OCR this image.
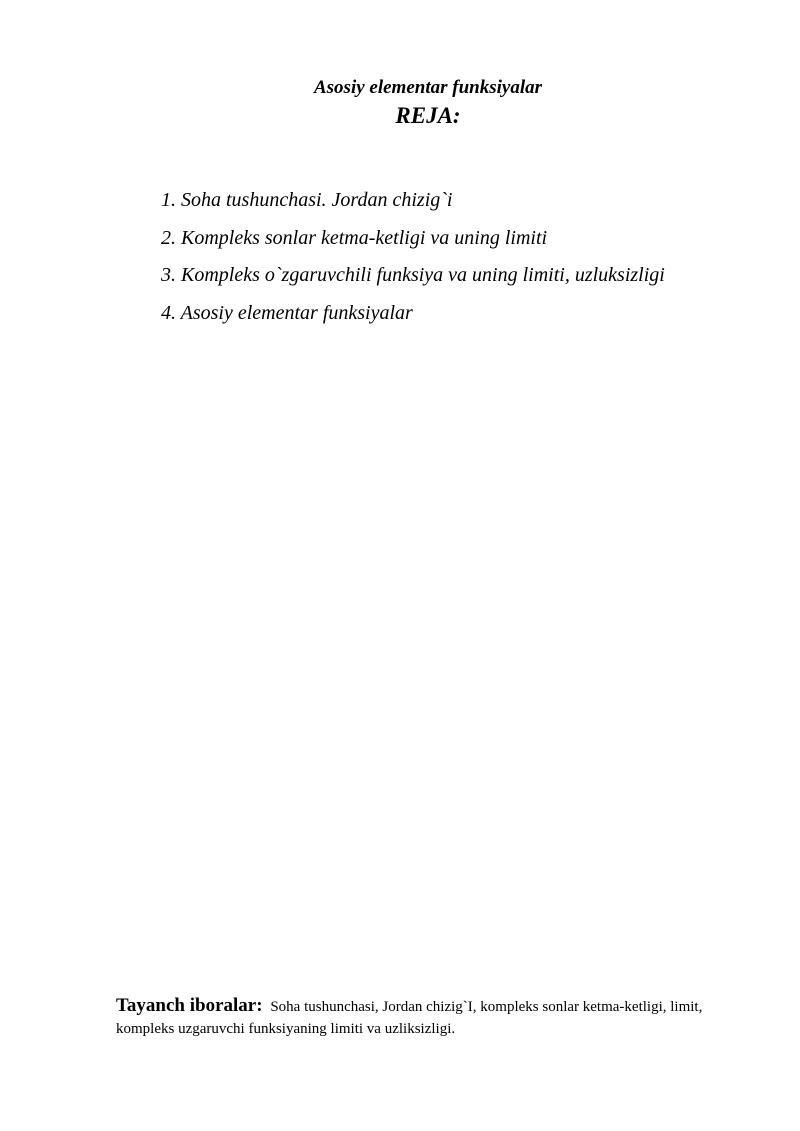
Asosiy elementar funksiyalar
REJA:
1. Soha tushunchasi. Jordan chizig`i
2. Kompleks sonlar ketma-ketligi va uning limiti
3. Kompleks o`zgaruvchili funksiya va uning limiti, uzluksizligi
4. Asosiy elementar funksiyalar
Tayanch iboralar: Soha tushunchasi, Jordan chizig`I, kompleks sonlar ketma-ketligi, limit, kompleks uzgaruvchi funksiyaning limiti va uzliksizligi.
